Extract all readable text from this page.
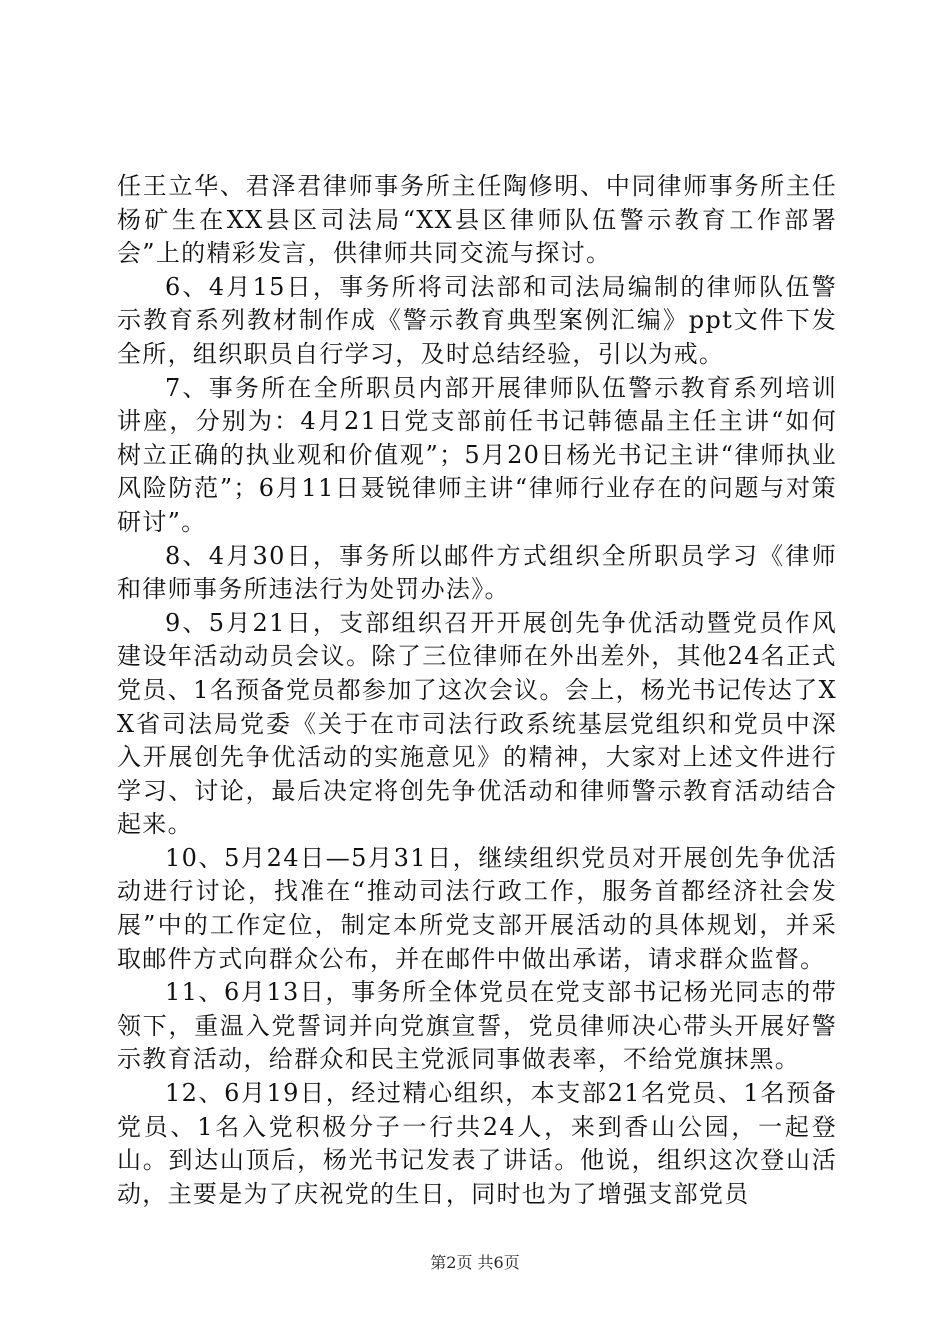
任王立华、君泽君律师事务所主任陶修明、中同律师事务所主任杨矿生在XX县区司法局“XX县区律师队伍警示教育工作部署会”上的精彩发言，供律师共同交流与探讨。

6、4月15日，事务所将司法部和司法局编制的律师队伍警示教育系列教材制作成《警示教育典型案例汇编》ppt文件下发全所，组织职员自行学习，及时总结经验，引以为戒。

7、事务所在全所职员内部开展律师队伍警示教育系列培训讲座，分别为：4月21日党支部前任书记韩德晶主任主讲“如何树立正确的执业观和价值观”；5月20日杨光书记主讲“律师执业风险防范”；6月11日聂锐律师主讲“律师行业存在的问题与对策研讨”。

8、4月30日，事务所以邮件方式组织全所职员学习《律师和律师事务所违法行为处罚办法》。

9、5月21日，支部组织召开开展创先争优活动暨党员作风建设年活动动员会议。除了三位律师在外出差外，其他24名正式党员、1名预备党员都参加了这次会议。会上，杨光书记传达了XX省司法局党委《关于在市司法行政系统基层党组织和党员中深入开展创先争优活动的实施意见》的精神，大家对上述文件进行学习、讨论，最后决定将创先争优活动和律师警示教育活动结合起来。

10、5月24日—5月31日，继续组织党员对开展创先争优活动进行讨论，找准在“推动司法行政工作，服务首都经济社会发展”中的工作定位，制定本所党支部开展活动的具体规划，并采取邮件方式向群众公布，并在邮件中做出承诺，请求群众监督。

11、6月13日，事务所全体党员在党支部书记杨光同志的带领下，重温入党誓词并向党旗宣誓，党员律师决心带头开展好警示教育活动，给群众和民主党派同事做表率，不给党旗抹黑。

12、6月19日，经过精心组织，本支部21名党员、1名预备党员、1名入党积极分子一行共24人，来到香山公园，一起登山。到达山顶后，杨光书记发表了讲话。他说，组织这次登山活动，主要是为了庆祝党的生日，同时也为了增强支部党员

第2页 共6页
